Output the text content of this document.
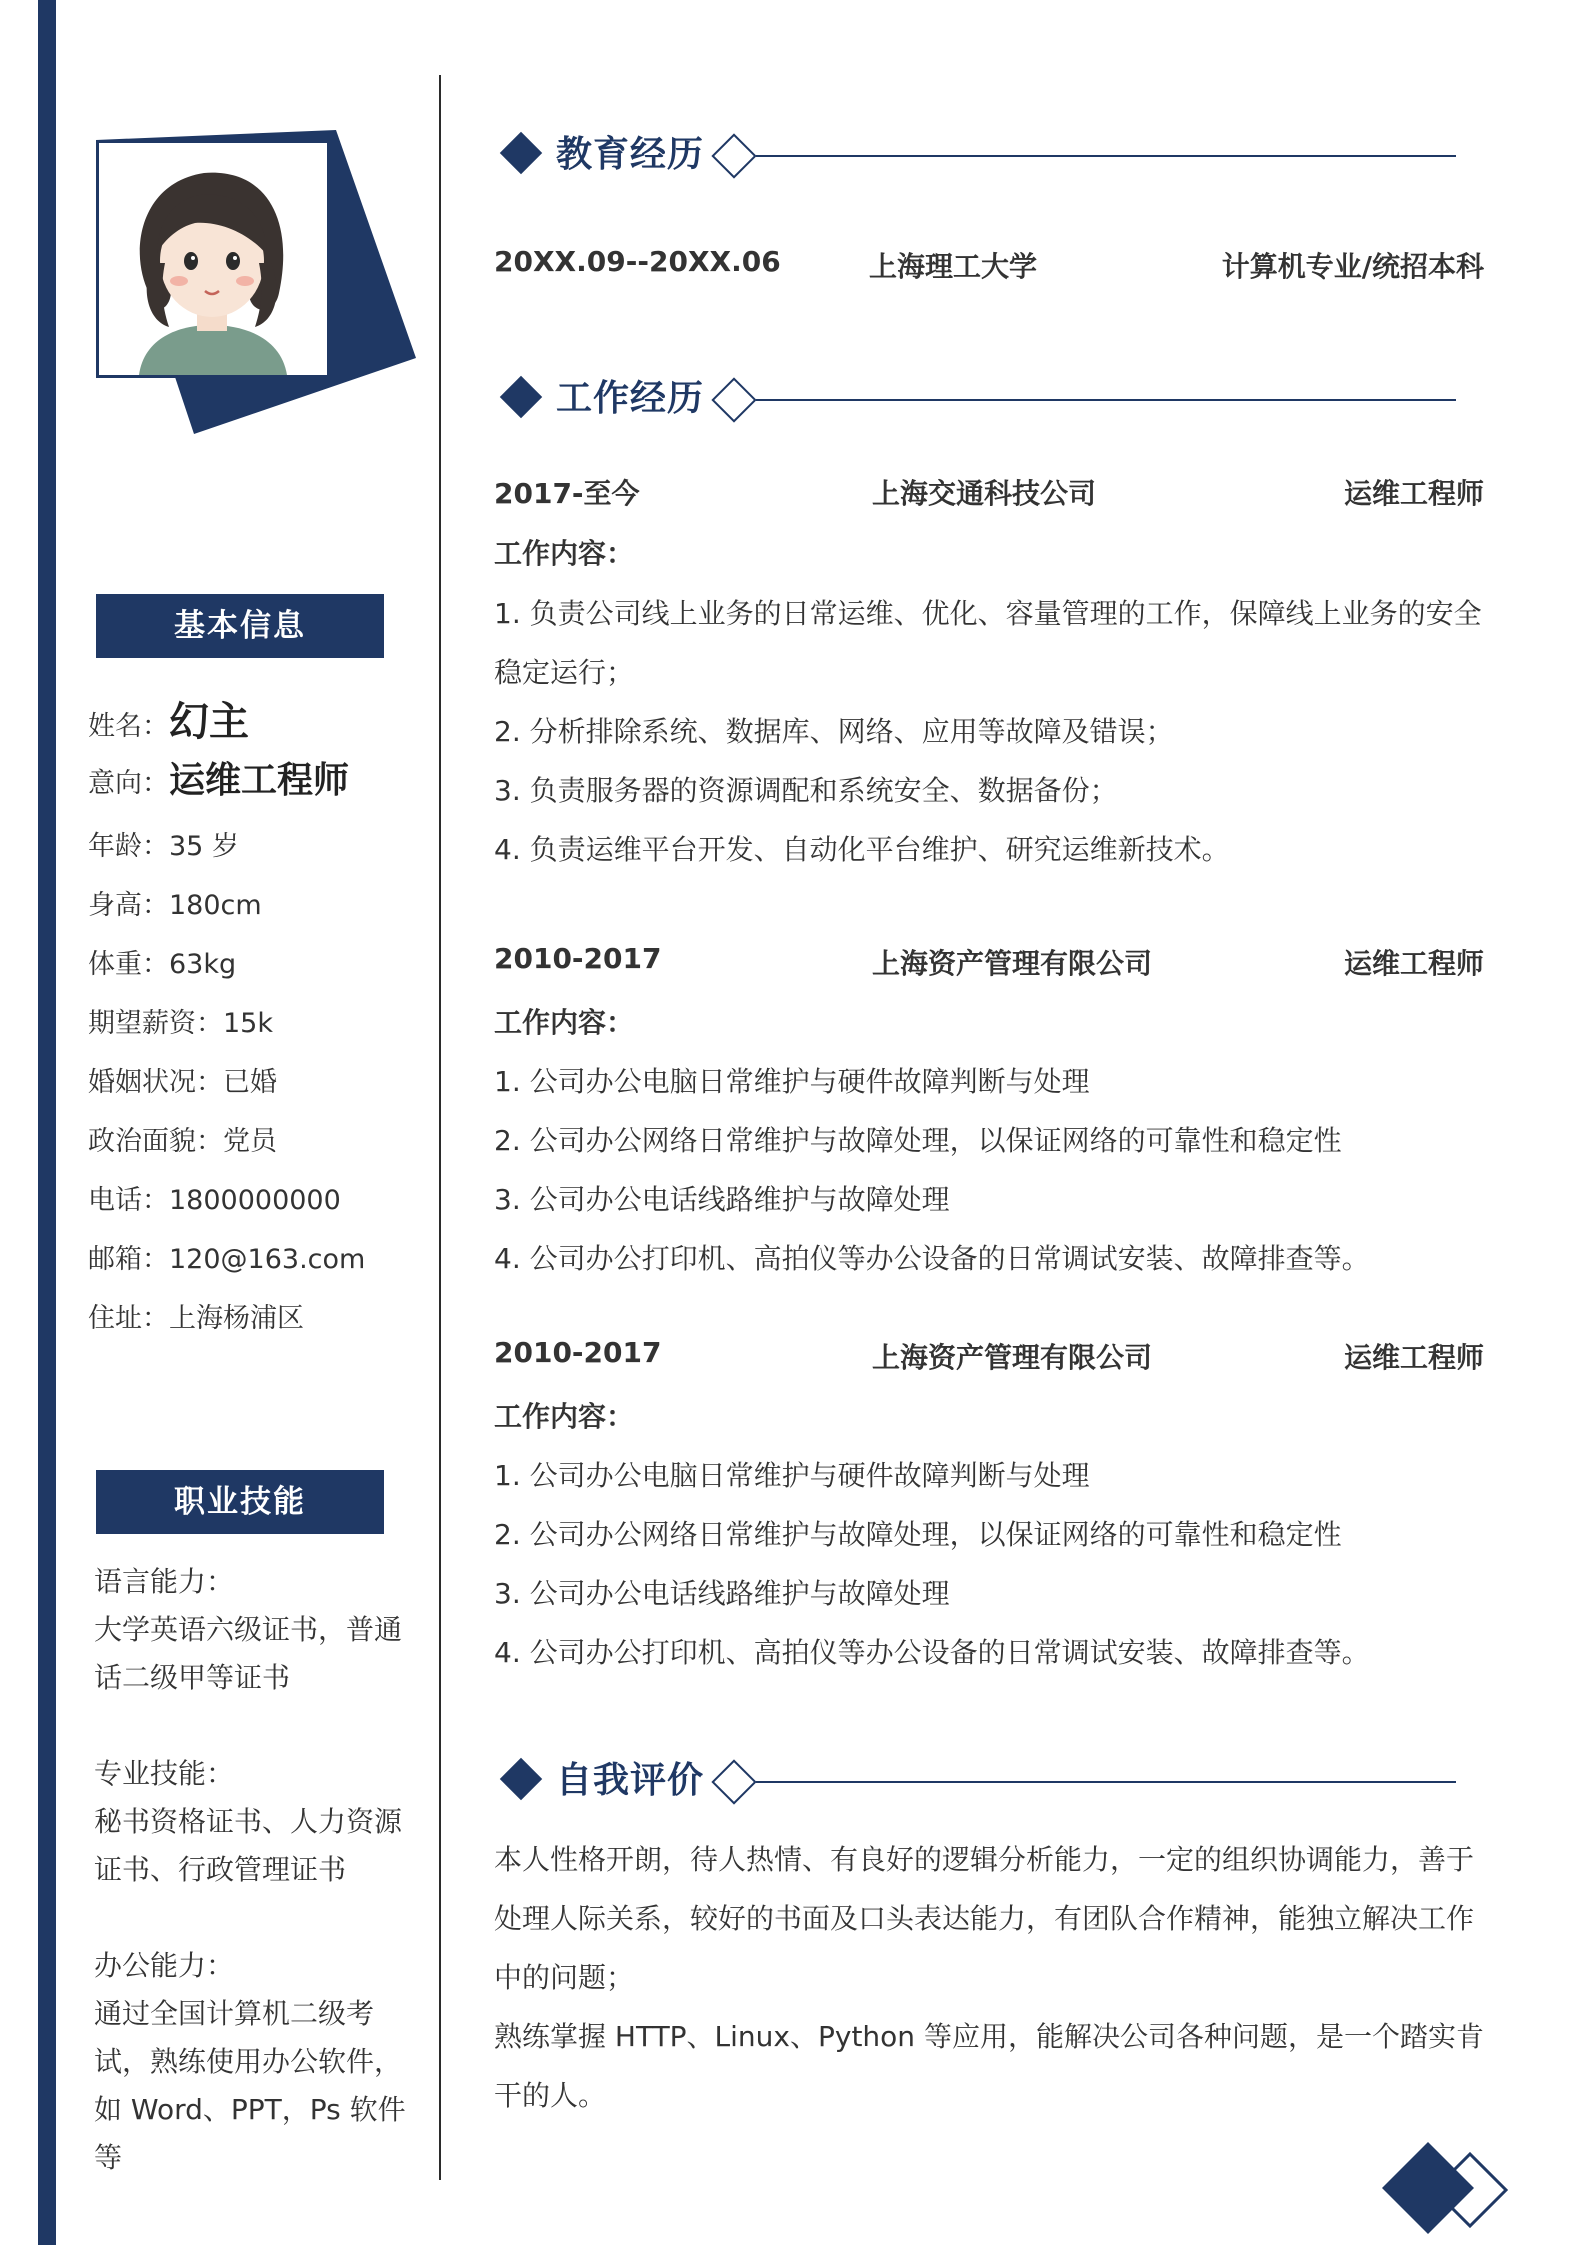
基本信息
姓名：幻主
意向：运维工程师
年龄：35 岁
身高：180cm
体重：63kg
期望薪资：15k
婚姻状况：已婚
政治面貌：党员
电话：1800000000
邮箱：120@163.com
住址：上海杨浦区
职业技能
语言能力：
大学英语六级证书，普通话二级甲等证书
专业技能：
秘书资格证书、人力资源证书、行政管理证书
办公能力：
通过全国计算机二级考试，熟练使用办公软件，如 Word、PPT，Ps 软件等
教育经历
20XX.09--20XX.06	上海理工大学	计算机专业/统招本科
工作经历
2017-至今	上海交通科技公司	运维工程师
工作内容：
1. 负责公司线上业务的日常运维、优化、容量管理的工作，保障线上业务的安全
稳定运行；
2. 分析排除系统、数据库、网络、应用等故障及错误；
3. 负责服务器的资源调配和系统安全、数据备份；
4. 负责运维平台开发、自动化平台维护、研究运维新技术。
2010-2017	上海资产管理有限公司	运维工程师
工作内容：
1. 公司办公电脑日常维护与硬件故障判断与处理
2. 公司办公网络日常维护与故障处理，以保证网络的可靠性和稳定性
3. 公司办公电话线路维护与故障处理
4. 公司办公打印机、高拍仪等办公设备的日常调试安装、故障排查等。
2010-2017	上海资产管理有限公司	运维工程师
工作内容：
1. 公司办公电脑日常维护与硬件故障判断与处理
2. 公司办公网络日常维护与故障处理，以保证网络的可靠性和稳定性
3. 公司办公电话线路维护与故障处理
4. 公司办公打印机、高拍仪等办公设备的日常调试安装、故障排查等。
自我评价
本人性格开朗，待人热情、有良好的逻辑分析能力，一定的组织协调能力，善于处理人际关系，较好的书面及口头表达能力，有团队合作精神，能独立解决工作中的问题；
熟练掌握 HTTP、Linux、Python 等应用，能解决公司各种问题，是一个踏实肯干的人。
